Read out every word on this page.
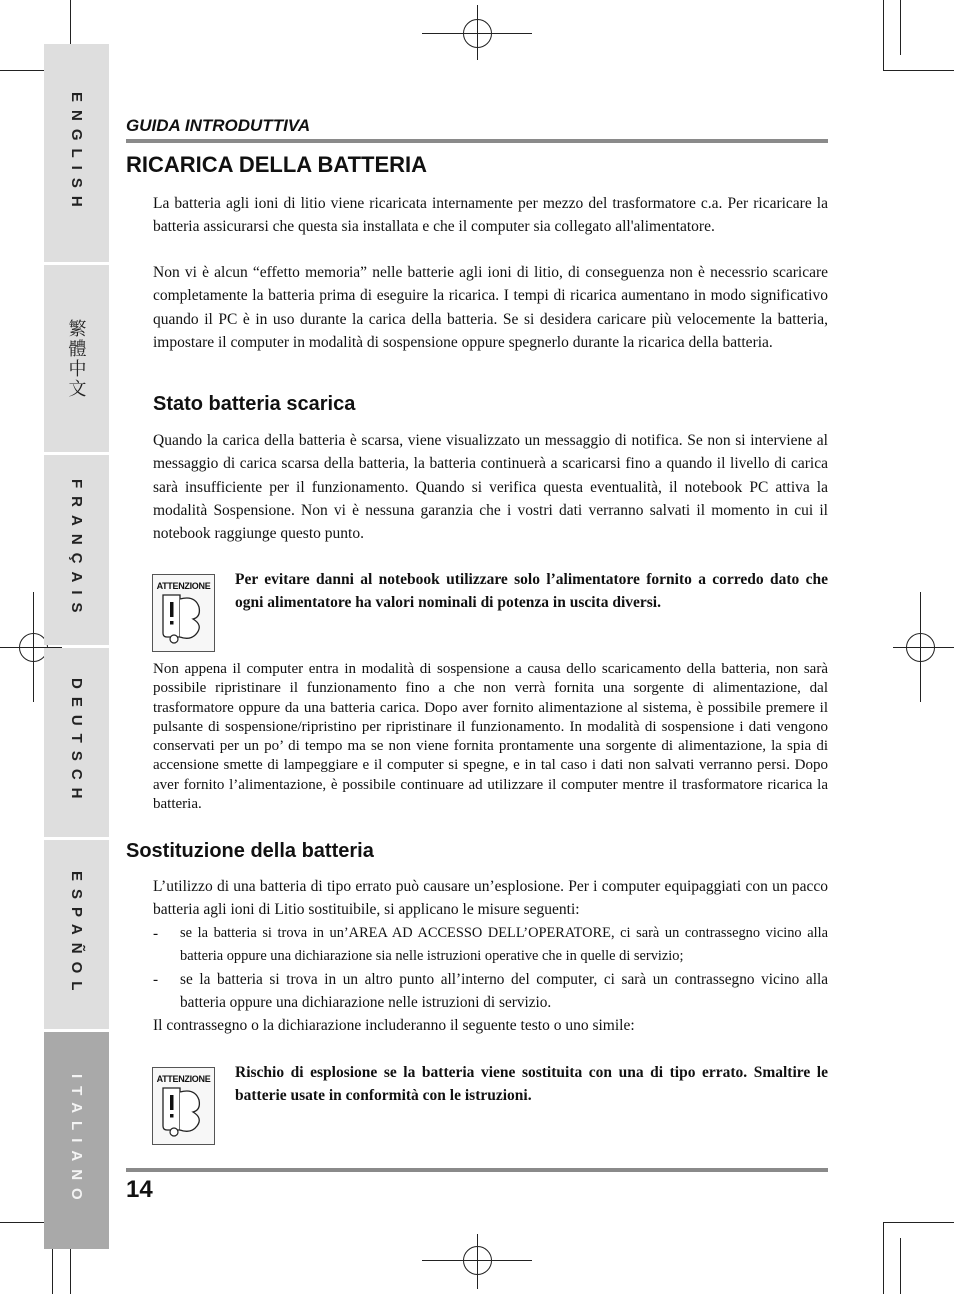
ENGLISH
繁體中文
FRANÇAIS
DEUTSCH
ESPAÑOL
ITALIANO
GUIDA INTRODUTTIVA
RICARICA DELLA BATTERIA

La batteria agli ioni di litio viene ricaricata internamente per mezzo del trasformatore c.a. Per ricaricare la batteria assicurarsi che questa sia installata e che il computer sia collegato all'alimentatore.

Non vi è alcun “effetto memoria” nelle batterie agli ioni di litio, di conseguenza non è necessrio scaricare completamente la batteria prima di eseguire la ricarica. I tempi di ricarica aumentano in modo significativo quando il PC è in uso durante la carica della batteria. Se si desidera caricare più velocemente la batteria, impostare il computer in modalità di sospensione oppure spegnerlo durante la ricarica della batteria.

Stato batteria scarica

Quando la carica della batteria è scarsa, viene visualizzato un messaggio di notifica. Se non si interviene al messaggio di carica scarsa della batteria, la batteria continuerà a scaricarsi fino a quando il livello di carica sarà insufficiente per il funzionamento. Quando si verifica questa eventualità, il notebook PC attiva la modalità Sospensione. Non vi è nessuna garanzia che i vostri dati verranno salvati il momento in cui il notebook raggiunge questo punto.

ATTENZIONE Per evitare danni al notebook utilizzare solo l’alimentatore fornito a corredo dato che ogni alimentatore ha valori nominali di potenza in uscita diversi.

Non appena il computer entra in modalità di sospensione a causa dello scaricamento della batteria, non sarà possibile ripristinare il funzionamento fino a che non verrà fornita una sorgente di alimentazione, dal trasformatore oppure da una batteria carica. Dopo aver fornito alimentazione al sistema, è possibile premere il pulsante di sospensione/ripristino per ripristinare il funzionamento. In modalità di sospensione i dati vengono conservati per un po’ di tempo ma se non viene fornita prontamente una sorgente di alimentazione, la spia di accensione smette di lampeggiare e il computer si spegne, e in tal caso i dati non salvati verranno persi. Dopo aver fornito l’alimentazione, è possibile continuare ad utilizzare il computer mentre il trasformatore ricarica la batteria.

Sostituzione della batteria

L’utilizzo di una batteria di tipo errato può causare un’esplosione. Per i computer equipaggiati con un pacco batteria agli ioni di Litio sostituibile, si applicano le misure seguenti:

- se la batteria si trova in un’AREA AD ACCESSO DELL’OPERATORE, ci sarà un contrassegno vicino alla batteria oppure una dichiarazione sia nelle istruzioni operative che in quelle di servizio;
- se la batteria si trova in un altro punto all’interno del computer, ci sarà un contrassegno vicino alla batteria oppure una dichiarazione nelle istruzioni di servizio.

Il contrassegno o la dichiarazione includeranno il seguente testo o uno simile:

ATTENZIONE Rischio di esplosione se la batteria viene sostituita con una di tipo errato. Smaltire le batterie usate in conformità con le istruzioni.

14
